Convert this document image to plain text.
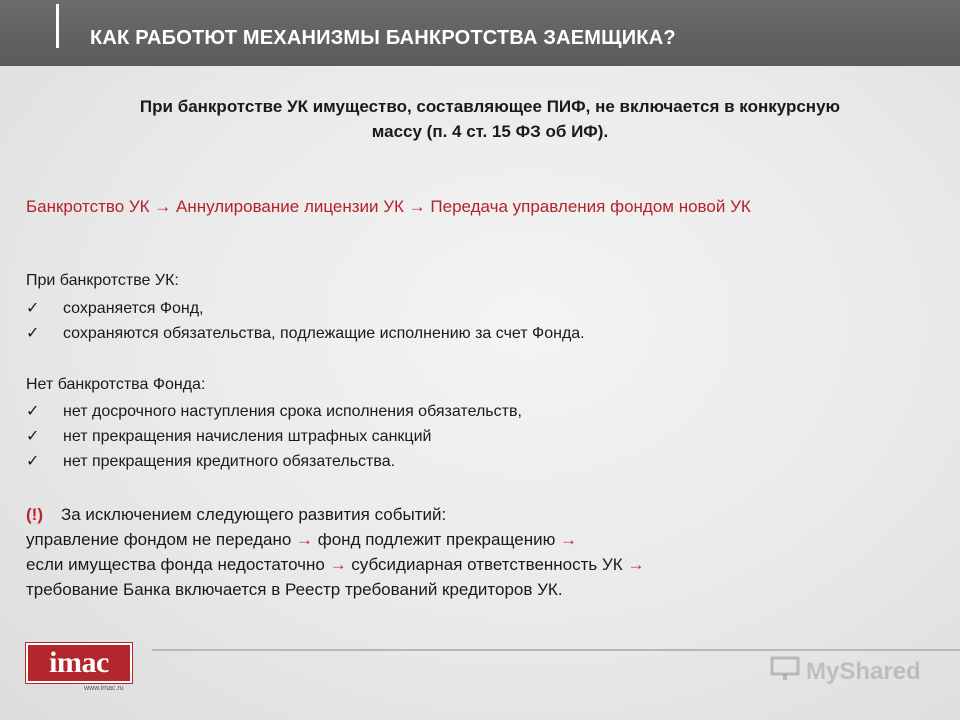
КАК РАБОТЮТ МЕХАНИЗМЫ БАНКРОТСТВА ЗАЕМЩИКА?
При банкротстве УК имущество, составляющее ПИФ, не включается в конкурсную
массу (п. 4 ст. 15 ФЗ об ИФ).
Банкротство УК → Аннулирование лицензии УК → Передача управления фондом новой УК
При банкротстве УК:
✓ сохраняется Фонд,
✓ сохраняются обязательства, подлежащие исполнению за счет Фонда.
Нет банкротства Фонда:
✓ нет досрочного наступления срока исполнения обязательств,
✓ нет прекращения начисления штрафных санкций
✓ нет прекращения кредитного обязательства.
(!) За исключением следующего развития событий:
управление фондом не передано → фонд подлежит прекращению →
если имущества фонда недостаточно → субсидиарная ответственность УК →
требование Банка включается в Реестр требований кредиторов УК.
imac
www.imac.ru
MyShared
